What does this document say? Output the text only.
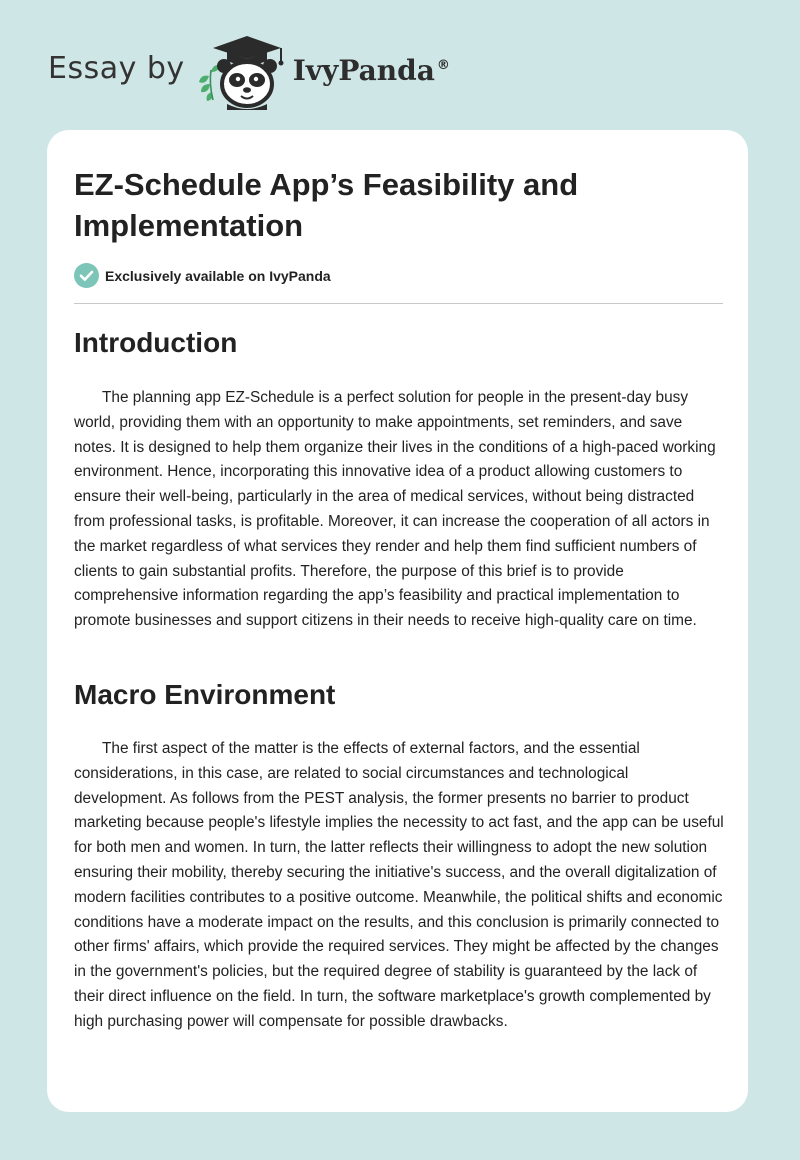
Essay by	IvyPanda ®
EZ-Schedule App’s Feasibility and Implementation
Exclusively available on IvyPanda
Introduction

The planning app EZ-Schedule is a perfect solution for people in the present-day busy world, providing them with an opportunity to make appointments, set reminders, and save notes. It is designed to help them organize their lives in the conditions of a high-paced working environment. Hence, incorporating this innovative idea of a product allowing customers to ensure their well-being, particularly in the area of medical services, without being distracted from professional tasks, is profitable. Moreover, it can increase the cooperation of all actors in the market regardless of what services they render and help them find sufficient numbers of clients to gain substantial profits. Therefore, the purpose of this brief is to provide comprehensive information regarding the app’s feasibility and practical implementation to promote businesses and support citizens in their needs to receive high-quality care on time.

Macro Environment

The first aspect of the matter is the effects of external factors, and the essential considerations, in this case, are related to social circumstances and technological development. As follows from the PEST analysis, the former presents no barrier to product marketing because people's lifestyle implies the necessity to act fast, and the app can be useful for both men and women. In turn, the latter reflects their willingness to adopt the new solution ensuring their mobility, thereby securing the initiative's success, and the overall digitalization of modern facilities contributes to a positive outcome. Meanwhile, the political shifts and economic conditions have a moderate impact on the results, and this conclusion is primarily connected to other firms' affairs, which provide the required services. They might be affected by the changes in the government's policies, but the required degree of stability is guaranteed by the lack of their direct influence on the field. In turn, the software marketplace's growth complemented by high purchasing power will compensate for possible drawbacks.
